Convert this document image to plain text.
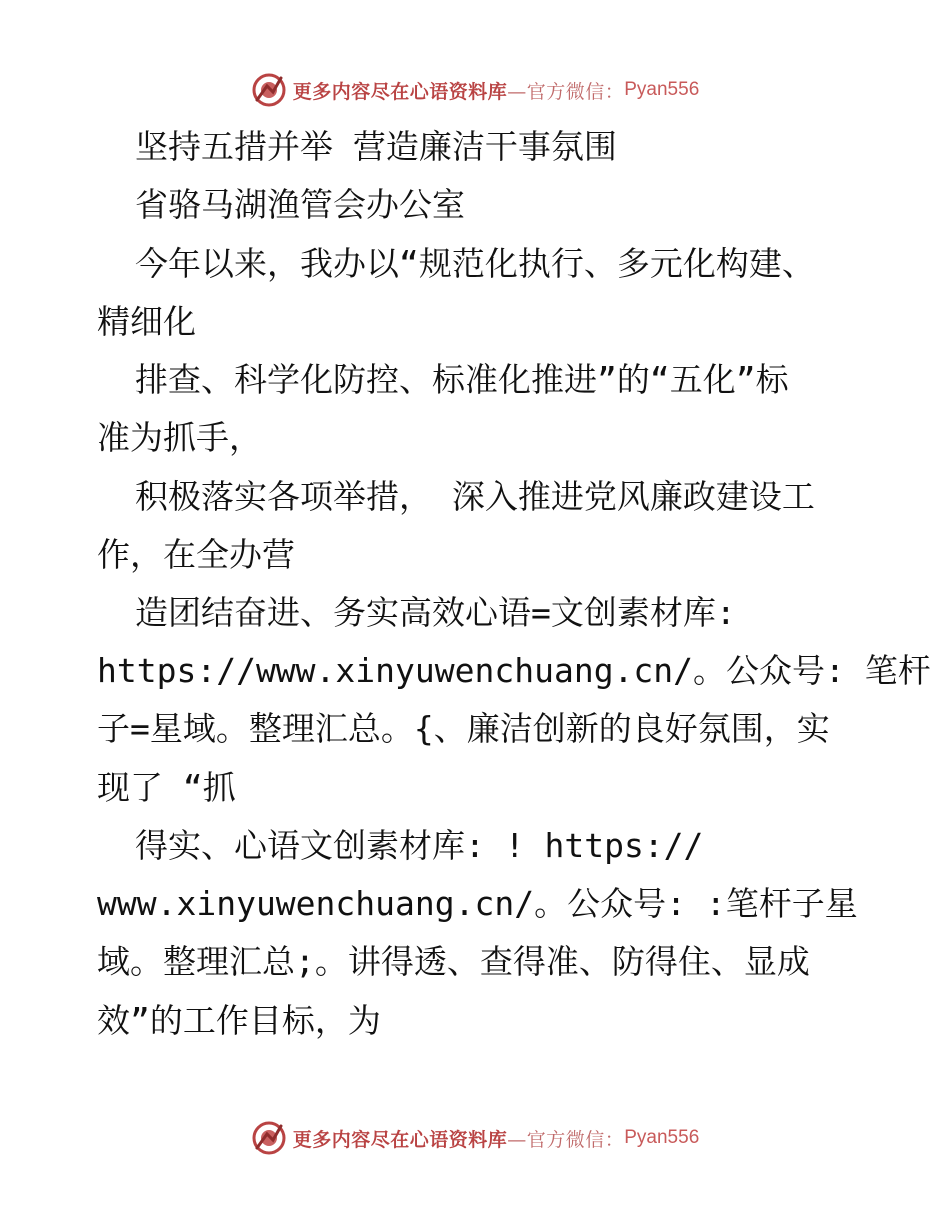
更多内容尽在心语资料库 —官方微信： Pyan556
坚持五措并举 营造廉洁干事氛围
省骆马湖渔管会办公室
今年以来，我办以“规范化执行、多元化构建、
精细化
排查、科学化防控、标准化推进”的“五化”标
准为抓手，
积极落实各项举措， 深入推进党风廉政建设工
作，在全办营
造团结奋进、务实高效心语=文创素材库:
https://www.xinyuwenchuang.cn/。公众号: 笔杆
子=星域。整理汇总。{、廉洁创新的良好氛围，实
现了 “抓
得实、心语文创素材库: ! https://
www.xinyuwenchuang.cn/。公众号: :笔杆子星
域。整理汇总;。讲得透、查得准、防得住、显成
效”的工作目标，为
更多内容尽在心语资料库 —官方微信： Pyan556
